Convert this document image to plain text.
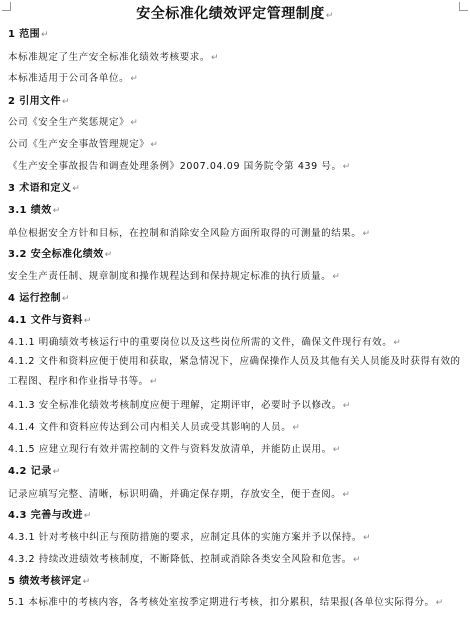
安全标准化绩效评定管理制度↵
1 范围↵
本标准规定了生产安全标准化绩效考核要求。↵
本标准适用于公司各单位。↵
2 引用文件↵
公司《安全生产奖惩规定》↵
公司《生产安全事故管理规定》↵
《生产安全事故报告和调查处理条例》2007.04.09 国务院令第 439 号。↵
3 术语和定义↵
3.1 绩效↵
单位根据安全方针和目标，在控制和消除安全风险方面所取得的可测量的结果。↵
3.2 安全标准化绩效↵
安全生产责任制、规章制度和操作规程达到和保持规定标准的执行质量。↵
4 运行控制↵
4.1 文件与资料↵
4.1.1 明确绩效考核运行中的重要岗位以及这些岗位所需的文件，确保文件现行有效。↵
4.1.2 文件和资料应便于使用和获取，紧急情况下，应确保操作人员及其他有关人员能及时获得有效的工程图、程序和作业指导书等。↵
4.1.3 安全标准化绩效考核制度应便于理解，定期评审，必要时予以修改。↵
4.1.4 文件和资料应传达到公司内相关人员或受其影响的人员。↵
4.1.5 应建立现行有效并需控制的文件与资料发放清单，并能防止误用。↵
4.2 记录↵
记录应填写完整、清晰，标识明确，并确定保存期，存放安全，便于查阅。↵
4.3 完善与改进↵
4.3.1 针对考核中纠正与预防措施的要求，应制定具体的实施方案并予以保持。↵
4.3.2 持续改进绩效考核制度，不断降低、控制或消除各类安全风险和危害。↵
5 绩效考核评定↵
5.1 本标准中的考核内容，各考核处室按季定期进行考核，扣分累积，结果报(各单位实际得分。↵
